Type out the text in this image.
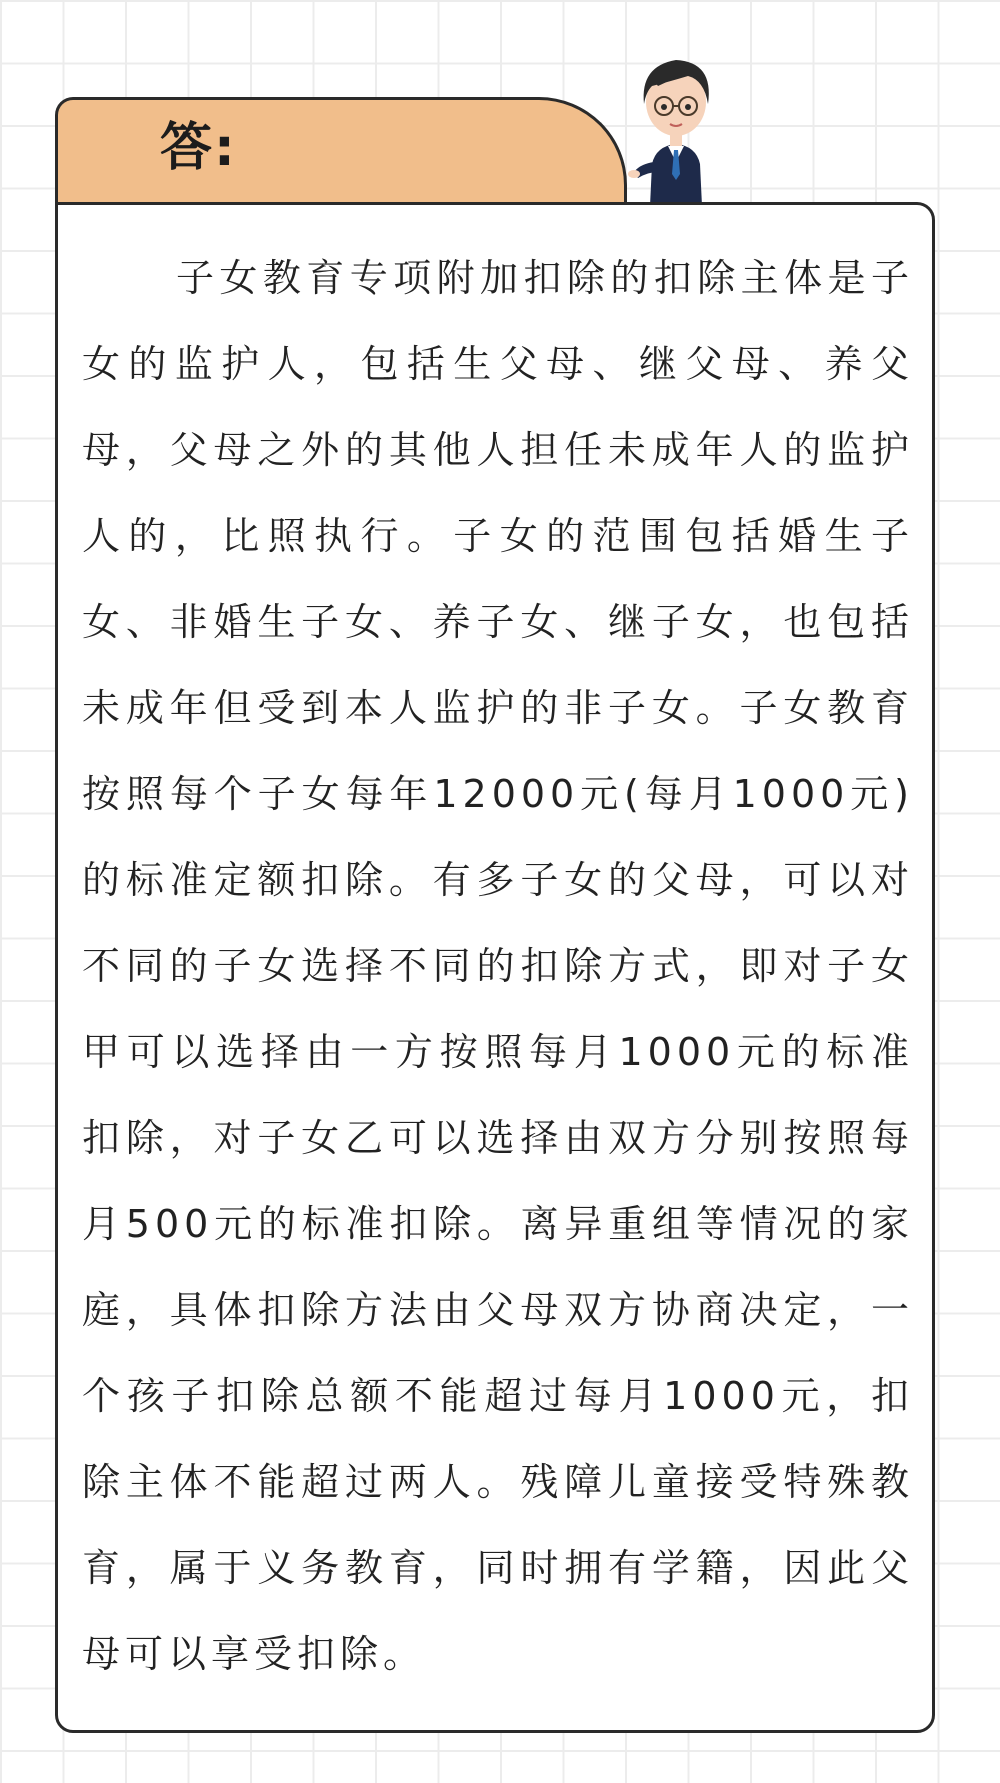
答:

子女教育专项附加扣除的扣除主体是子女的监护人，包括生父母、继父母、养父母，父母之外的其他人担任未成年人的监护人的，比照执行。子女的范围包括婚生子女、非婚生子女、养子女、继子女，也包括未成年但受到本人监护的非子女。子女教育按照每个子女每年12000元(每月1000元)的标准定额扣除。有多子女的父母，可以对不同的子女选择不同的扣除方式，即对子女甲可以选择由一方按照每月1000元的标准扣除，对子女乙可以选择由双方分别按照每月500元的标准扣除。离异重组等情况的家庭，具体扣除方法由父母双方协商决定，一个孩子扣除总额不能超过每月1000元，扣除主体不能超过两人。残障儿童接受特殊教育，属于义务教育，同时拥有学籍，因此父母可以享受扣除。
